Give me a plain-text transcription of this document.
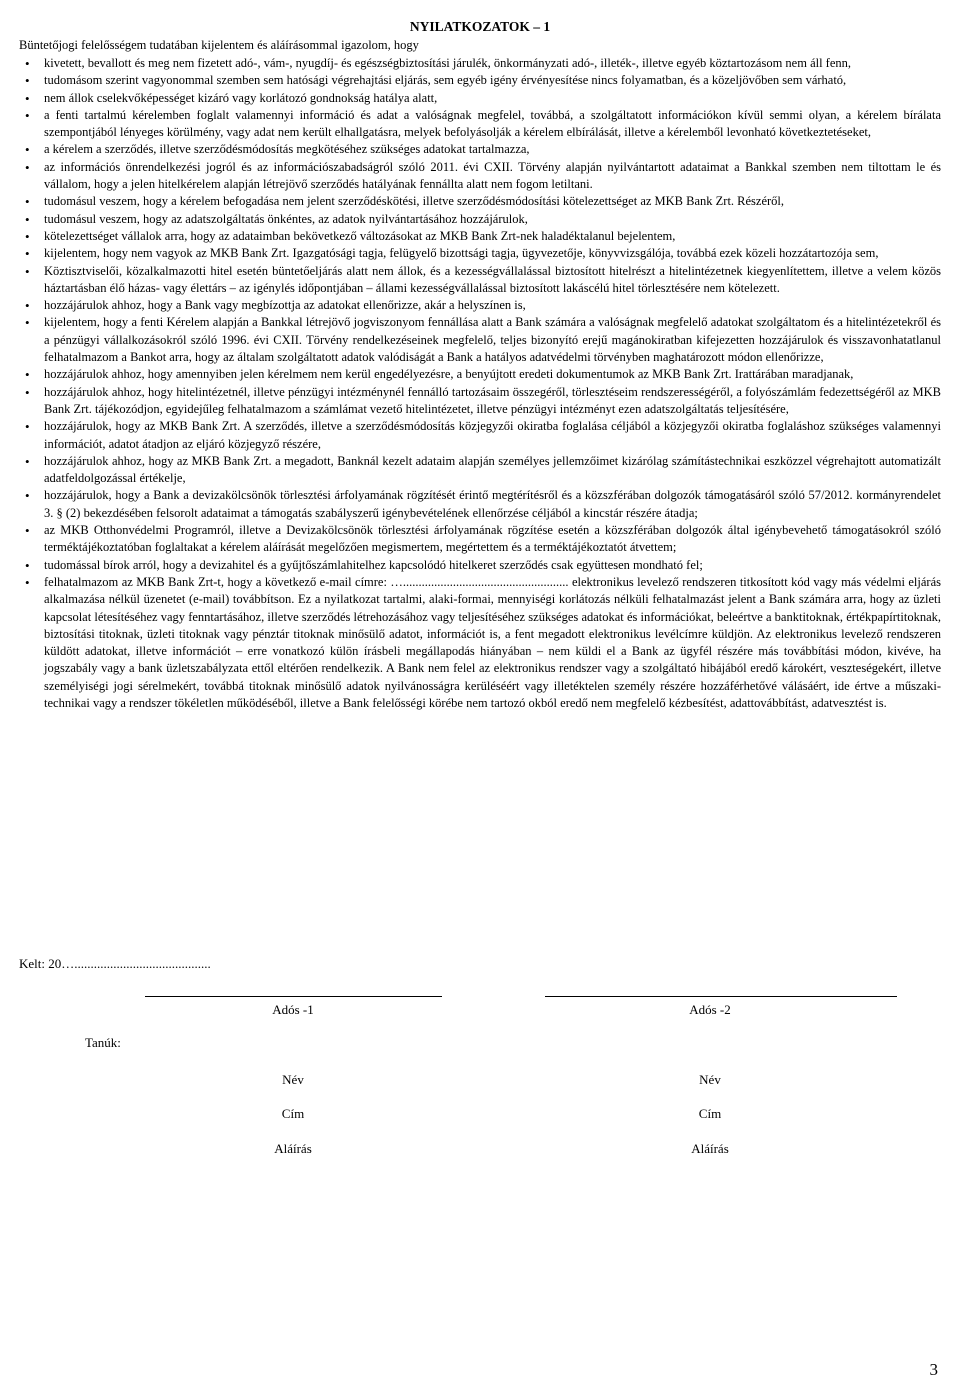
NYILATKOZATOK – 1
Büntetőjogi felelősségem tudatában kijelentem és aláírásommal igazolom, hogy
• kivetett, bevallott és meg nem fizetett adó-, vám-, nyugdíj- és egészségbiztosítási járulék, önkormányzati adó-, illeték-, illetve egyéb köztartozásom nem áll fenn,
• tudomásom szerint vagyonommal szemben sem hatósági végrehajtási eljárás, sem egyéb igény érvényesítése nincs folyamatban, és a közeljövőben sem várható,
• nem állok cselekvőképességet kizáró vagy korlátozó gondnokság hatálya alatt,
• a fenti tartalmú kérelemben foglalt valamennyi információ és adat a valóságnak megfelel, továbbá, a szolgáltatott információkon kívül semmi olyan, a kérelem bírálata szempontjából lényeges körülmény, vagy adat nem került elhallgatásra, melyek befolyásolják a kérelem elbírálását, illetve a kérelemből levonható következtetéseket,
• a kérelem a szerződés, illetve szerződésmódosítás megkötéséhez szükséges adatokat tartalmazza,
• az információs önrendelkezési jogról és az információszabadságról szóló 2011. évi CXII. Törvény alapján nyilvántartott adataimat a Bankkal szemben nem tiltottam le és vállalom, hogy a jelen hitelkérelem alapján létrejövő szerződés hatályának fennállta alatt nem fogom letiltani.
• tudomásul veszem, hogy a kérelem befogadása nem jelent szerződéskötési, illetve szerződésmódosítási kötelezettséget az MKB Bank Zrt. Részéről,
• tudomásul veszem, hogy az adatszolgáltatás önkéntes, az adatok nyilvántartásához hozzájárulok,
• kötelezettséget vállalok arra, hogy az adataimban bekövetkező változásokat az MKB Bank Zrt-nek haladéktalanul bejelentem,
• kijelentem, hogy nem vagyok az MKB Bank Zrt. Igazgatósági tagja, felügyelő bizottsági tagja, ügyvezetője, könyvvizsgálója, továbbá ezek közeli hozzátartozója sem,
• Köztisztviselői, közalkalmazotti hitel esetén büntetőeljárás alatt nem állok, és a kezességvállalással biztosított hitelrészt a hitelintézetnek kiegyenlítettem, illetve a velem közös háztartásban élő házas- vagy élettárs – az igénylés időpontjában – állami kezességvállalással biztosított lakáscélú hitel törlesztésére nem kötelezett.
• hozzájárulok ahhoz, hogy a Bank vagy megbízottja az adatokat ellenőrizze, akár a helyszínen is,
• kijelentem, hogy a fenti Kérelem alapján a Bankkal létrejövő jogviszonyom fennállása alatt a Bank számára a valóságnak megfelelő adatokat szolgáltatom és a hitelintézetekről és a pénzügyi vállalkozásokról szóló 1996. évi CXII. Törvény rendelkezéseinek megfelelő, teljes bizonyító erejű magánokiratban kifejezetten hozzájárulok és visszavonhatatlanul felhatalmazom a Bankot arra, hogy az általam szolgáltatott adatok valódiságát a Bank a hatályos adatvédelmi törvényben maghatározott módon ellenőrizze,
• hozzájárulok ahhoz, hogy amennyiben jelen kérelmem nem kerül engedélyezésre, a benyújtott eredeti dokumentumok az MKB Bank Zrt. Irattárában maradjanak,
• hozzájárulok ahhoz, hogy hitelintézetnél, illetve pénzügyi intézménynél fennálló tartozásaim összegéről, törlesztéseim rendszerességéről, a folyószámlám fedezettségéről az MKB Bank Zrt. tájékozódjon, egyidejűleg felhatalmazom a számlámat vezető hitelintézetet, illetve pénzügyi intézményt ezen adatszolgáltatás teljesítésére,
• hozzájárulok, hogy az MKB Bank Zrt. A szerződés, illetve a szerződésmódosítás közjegyzői okiratba foglalása céljából a közjegyzői okiratba foglaláshoz szükséges valamennyi információt, adatot átadjon az eljáró közjegyző részére,
• hozzájárulok ahhoz, hogy az MKB Bank Zrt. a megadott, Banknál kezelt adataim alapján személyes jellemzőimet kizárólag számítástechnikai eszközzel végrehajtott automatizált adatfeldolgozással értékelje,
• hozzájárulok, hogy a Bank a devizakölcsönök törlesztési árfolyamának rögzítését érintő megtérítésről és a közszférában dolgozók támogatásáról szóló 57/2012. kormányrendelet 3. § (2) bekezdésében felsorolt adataimat a támogatás szabályszerű igénybevételének ellenőrzése céljából a kincstár részére átadja;
• az MKB Otthonvédelmi Programról, illetve a Devizakölcsönök törlesztési árfolyamának rögzítése esetén a közszférában dolgozók által igénybevehető támogatásokról szóló terméktájékoztatóban foglaltakat a kérelem aláírását megelőzően megismertem, megértettem és a terméktájékoztatót átvettem;
• tudomással bírok arról, hogy a devizahitel és a gyűjtőszámlahitelhez kapcsolódó hitelkeret szerződés csak együttesen mondható fel;
• felhatalmazom az MKB Bank Zrt-t, hogy a következő e-mail címre: …..................................................... elektronikus levelező rendszeren titkosított kód vagy más védelmi eljárás alkalmazása nélkül üzenetet (e-mail) továbbítson. Ez a nyilatkozat tartalmi, alaki-formai, mennyiségi korlátozás nélküli felhatalmazást jelent a Bank számára arra, hogy az üzleti kapcsolat létesítéséhez vagy fenntartásához, illetve szerződés létrehozásához vagy teljesítéséhez szükséges adatokat és információkat, beleértve a banktitoknak, értékpapírtitoknak, biztosítási titoknak, üzleti titoknak vagy pénztár titoknak minősülő adatot, információt is, a fent megadott elektronikus levélcímre küldjön. Az elektronikus levelező rendszeren küldött adatokat, illetve információt – erre vonatkozó külön írásbeli megállapodás hiányában – nem küldi el a Bank az ügyfél részére más továbbítási módon, kivéve, ha jogszabály vagy a bank üzletszabályzata ettől eltérően rendelkezik. A Bank nem felel az elektronikus rendszer vagy a szolgáltató hibájából eredő károkért, veszteségekért, illetve személyiségi jogi sérelmekért, továbbá titoknak minősülő adatok nyilvánosságra kerüléséért vagy illetéktelen személy részére hozzáférhetővé válásáért, ide értve a műszaki-technikai vagy a rendszer tökéletlen működéséből, illetve a Bank felelősségi körébe nem tartozó okból eredő nem megfelelő kézbesítést, adattovábbítást, adatvesztést is.
Kelt: 20…..........................................
Adós -1	Adós -2
Tanúk:
Név	Név
Cím	Cím
Aláírás	Aláírás
3
